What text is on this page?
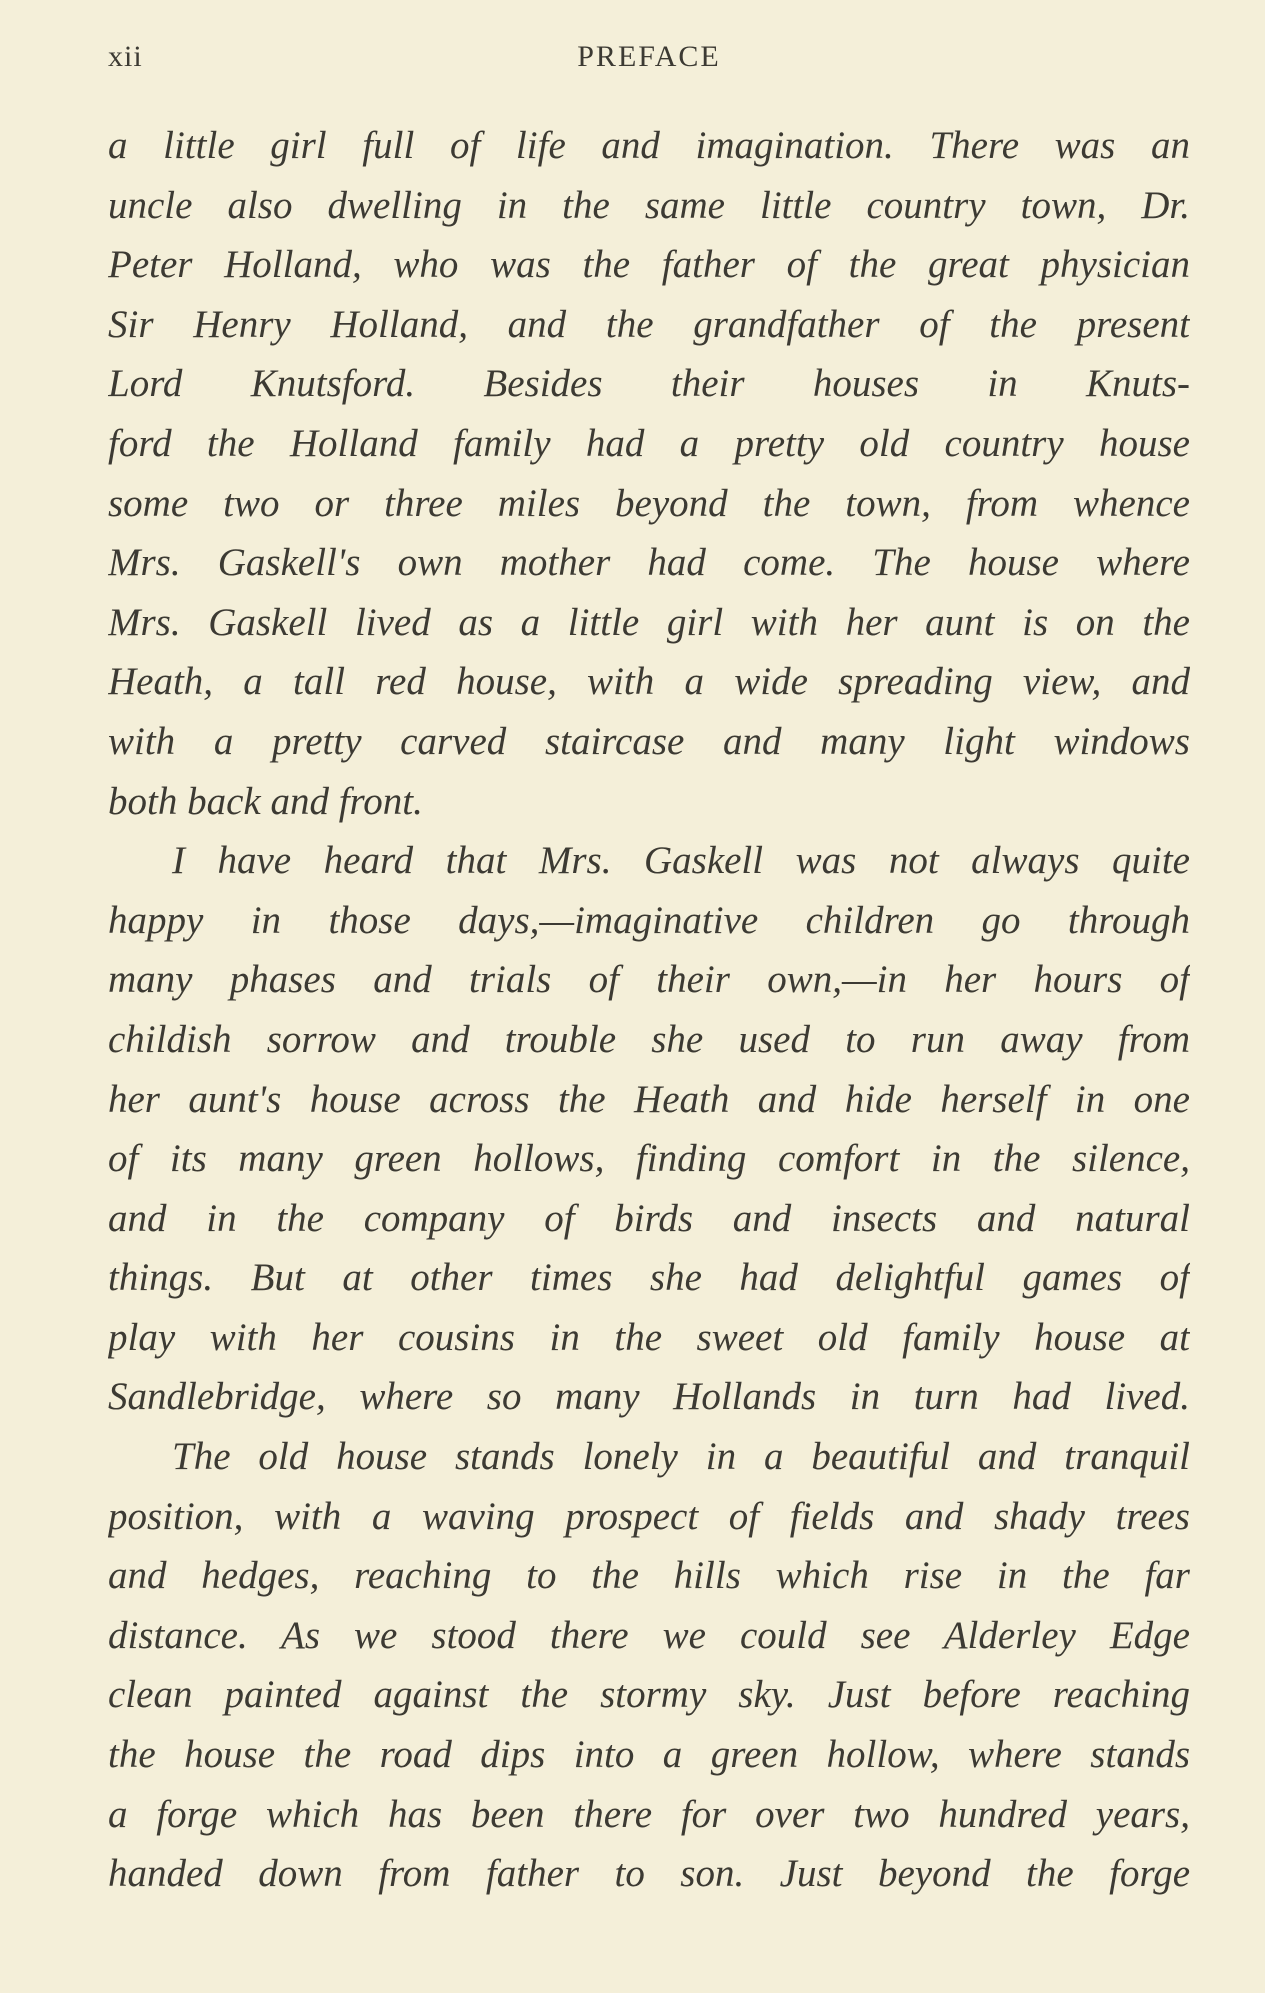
xii	PREFACE
a little girl full of life and imagination. There was an
uncle also dwelling in the same little country town, Dr.
Peter Holland, who was the father of the great physician
Sir Henry Holland, and the grandfather of the present
Lord Knutsford. Besides their houses in Knuts-
ford the Holland family had a pretty old country house
some two or three miles beyond the town, from whence
Mrs. Gaskell's own mother had come. The house where
Mrs. Gaskell lived as a little girl with her aunt is on the
Heath, a tall red house, with a wide spreading view, and
with a pretty carved staircase and many light windows
both back and front.
I have heard that Mrs. Gaskell was not always quite
happy in those days,—imaginative children go through
many phases and trials of their own,—in her hours of
childish sorrow and trouble she used to run away from
her aunt's house across the Heath and hide herself in one
of its many green hollows, finding comfort in the silence,
and in the company of birds and insects and natural
things. But at other times she had delightful games of
play with her cousins in the sweet old family house at
Sandlebridge, where so many Hollands in turn had lived.
The old house stands lonely in a beautiful and tranquil
position, with a waving prospect of fields and shady trees
and hedges, reaching to the hills which rise in the far
distance. As we stood there we could see Alderley Edge
clean painted against the stormy sky. Just before reaching
the house the road dips into a green hollow, where stands
a forge which has been there for over two hundred years,
handed down from father to son. Just beyond the forge
